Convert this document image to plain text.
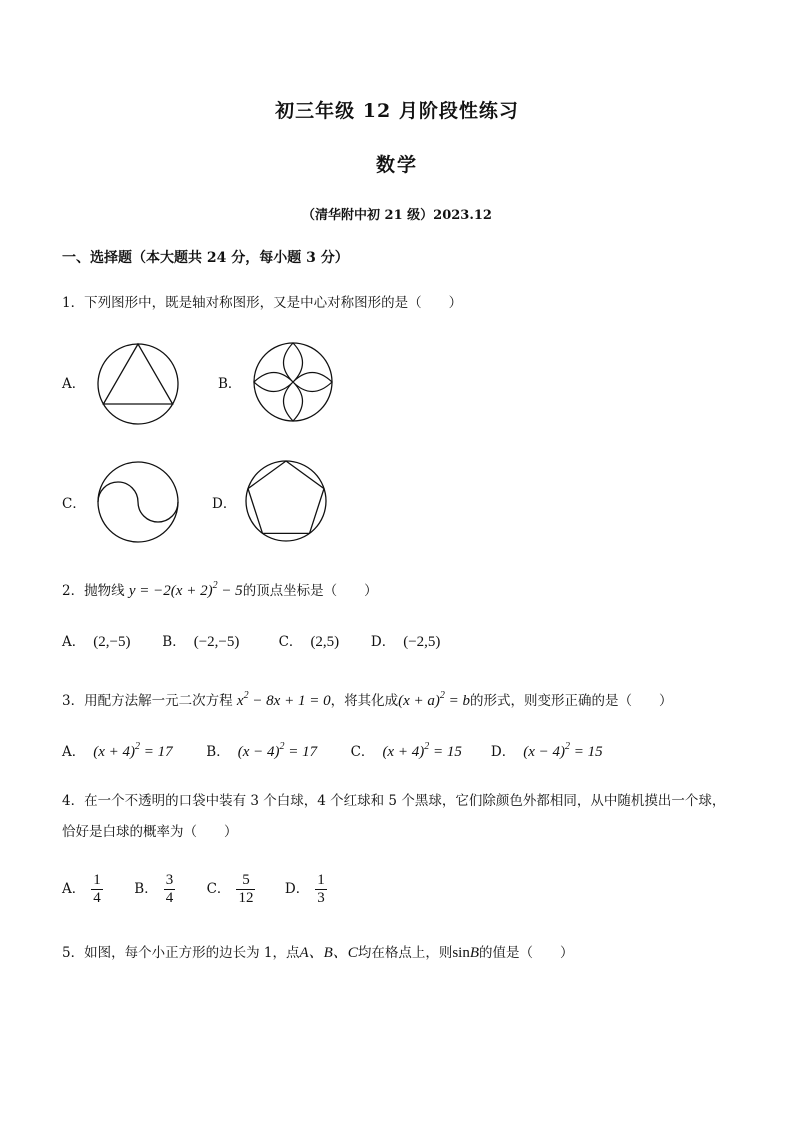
初三年级 12 月阶段性练习
数学
（清华附中初 21 级）2023.12
一、选择题（本大题共 24 分，每小题 3 分）
1．下列图形中，既是轴对称图形，又是中心对称图形的是（　　）
A．	B．
C．	D．
2．抛物线 $y = -2(x + 2)^2 - 5$的顶点坐标是（　　）
A． (2,−5) B． (−2,−5)	C． (2,5) D． (−2,5)
3．用配方法解一元二次方程 $x^2 - 8x + 1 = 0$，将其化成$(x + a)^2 = b$的形式，则变形正确的是（　　）
A． $(x + 4)^2 = 17$ B． $(x - 4)^2 = 17$ C． $(x + 4)^2 = 15$ D． $(x - 4)^2 = 15$
4．在一个不透明的口袋中装有 3 个白球，4 个红球和 5 个黑球，它们除颜色外都相同，从中随机摸出一个球，
恰好是白球的概率为（　　）
A． $\frac{1}{4}$ B． $\frac{3}{4}$ C． $\frac{5}{12}$ D． $\frac{1}{3}$
5．如图，每个小正方形的边长为 1，点A、B、C均在格点上，则sinB的值是（　　）
